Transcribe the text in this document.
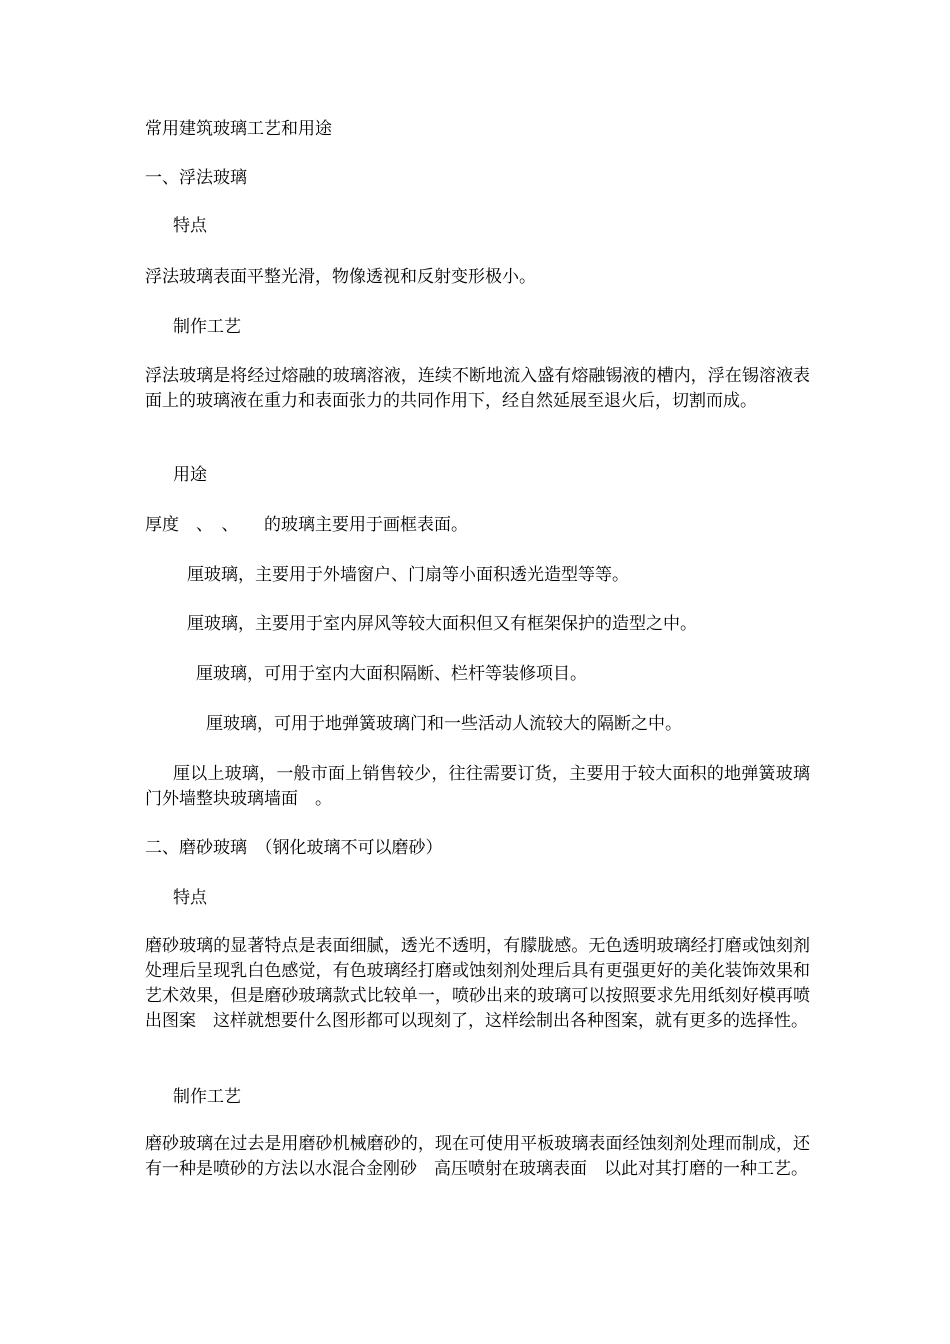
常用建筑玻璃工艺和用途

一、浮法玻璃

特点

浮法玻璃表面平整光滑，物像透视和反射变形极小。

制作工艺

浮法玻璃是将经过熔融的玻璃溶液，连续不断地流入盛有熔融锡液的槽内，浮在锡溶液表面上的玻璃液在重力和表面张力的共同作用下，经自然延展至退火后，切割而成。

用途

厚度　、　、　　的玻璃主要用于画框表面。

厘玻璃，主要用于外墙窗户、门扇等小面积透光造型等等。

厘玻璃，主要用于室内屏风等较大面积但又有框架保护的造型之中。

厘玻璃，可用于室内大面积隔断、栏杆等装修项目。

厘玻璃，可用于地弹簧玻璃门和一些活动人流较大的隔断之中。

厘以上玻璃，一般市面上销售较少，往往需要订货，主要用于较大面积的地弹簧玻璃门外墙整块玻璃墙面　。

二、磨砂玻璃　（钢化玻璃不可以磨砂）

特点

磨砂玻璃的显著特点是表面细腻，透光不透明，有朦胧感。无色透明玻璃经打磨或蚀刻剂处理后呈现乳白色感觉，有色玻璃经打磨或蚀刻剂处理后具有更强更好的美化装饰效果和艺术效果，但是磨砂玻璃款式比较单一，喷砂出来的玻璃可以按照要求先用纸刻好模再喷出图案　这样就想要什么图形都可以现刻了，这样绘制出各种图案，就有更多的选择性。

制作工艺

磨砂玻璃在过去是用磨砂机械磨砂的，现在可使用平板玻璃表面经蚀刻剂处理而制成，还有一种是喷砂的方法以水混合金刚砂　高压喷射在玻璃表面　以此对其打磨的一种工艺。
